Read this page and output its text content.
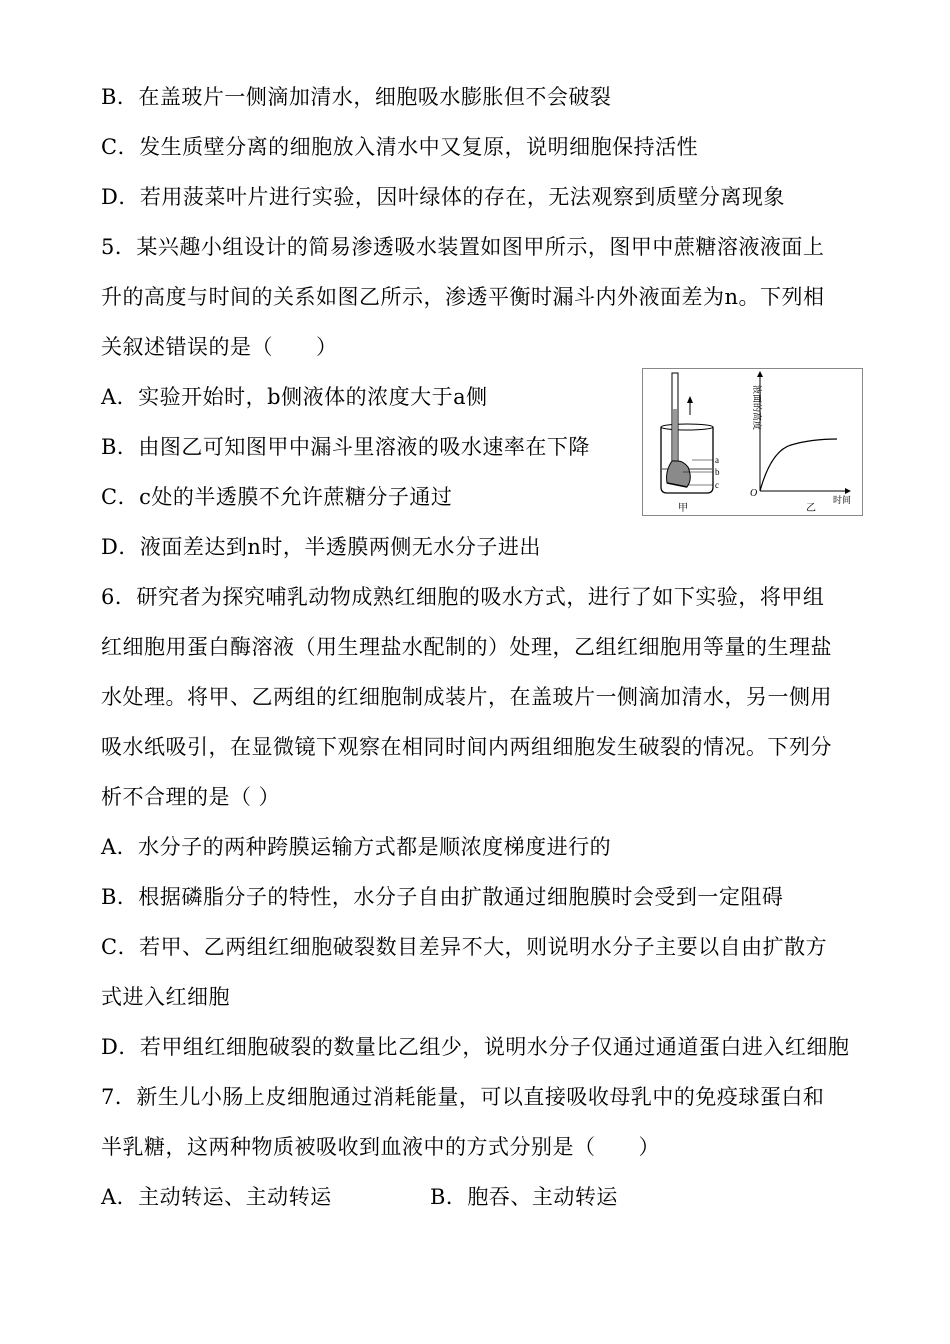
B．在盖玻片一侧滴加清水，细胞吸水膨胀但不会破裂
C．发生质壁分离的细胞放入清水中又复原，说明细胞保持活性
D．若用菠菜叶片进行实验，因叶绿体的存在，无法观察到质壁分离现象
5．某兴趣小组设计的简易渗透吸水装置如图甲所示，图甲中蔗糖溶液液面上
升的高度与时间的关系如图乙所示，渗透平衡时漏斗内外液面差为n。下列相
关叙述错误的是（　　）
A．实验开始时，b侧液体的浓度大于a侧
B．由图乙可知图甲中漏斗里溶液的吸水速率在下降
C．c处的半透膜不允许蔗糖分子通过
D．液面差达到n时，半透膜两侧无水分子进出
6．研究者为探究哺乳动物成熟红细胞的吸水方式，进行了如下实验，将甲组
红细胞用蛋白酶溶液（用生理盐水配制的）处理，乙组红细胞用等量的生理盐
水处理。将甲、乙两组的红细胞制成装片，在盖玻片一侧滴加清水，另一侧用
吸水纸吸引，在显微镜下观察在相同时间内两组细胞发生破裂的情况。下列分
析不合理的是（ ）
A．水分子的两种跨膜运输方式都是顺浓度梯度进行的
B．根据磷脂分子的特性，水分子自由扩散通过细胞膜时会受到一定阻碍
C．若甲、乙两组红细胞破裂数目差异不大，则说明水分子主要以自由扩散方
式进入红细胞
D．若甲组红细胞破裂的数量比乙组少，说明水分子仅通过通道蛋白进入红细胞
7．新生儿小肠上皮细胞通过消耗能量，可以直接吸收母乳中的免疫球蛋白和
半乳糖，这两种物质被吸收到血液中的方式分别是（　　）
A．主动转运、主动转运	B．胞吞、主动转运
a
b
c
甲
O
时间
液面的高度
乙
